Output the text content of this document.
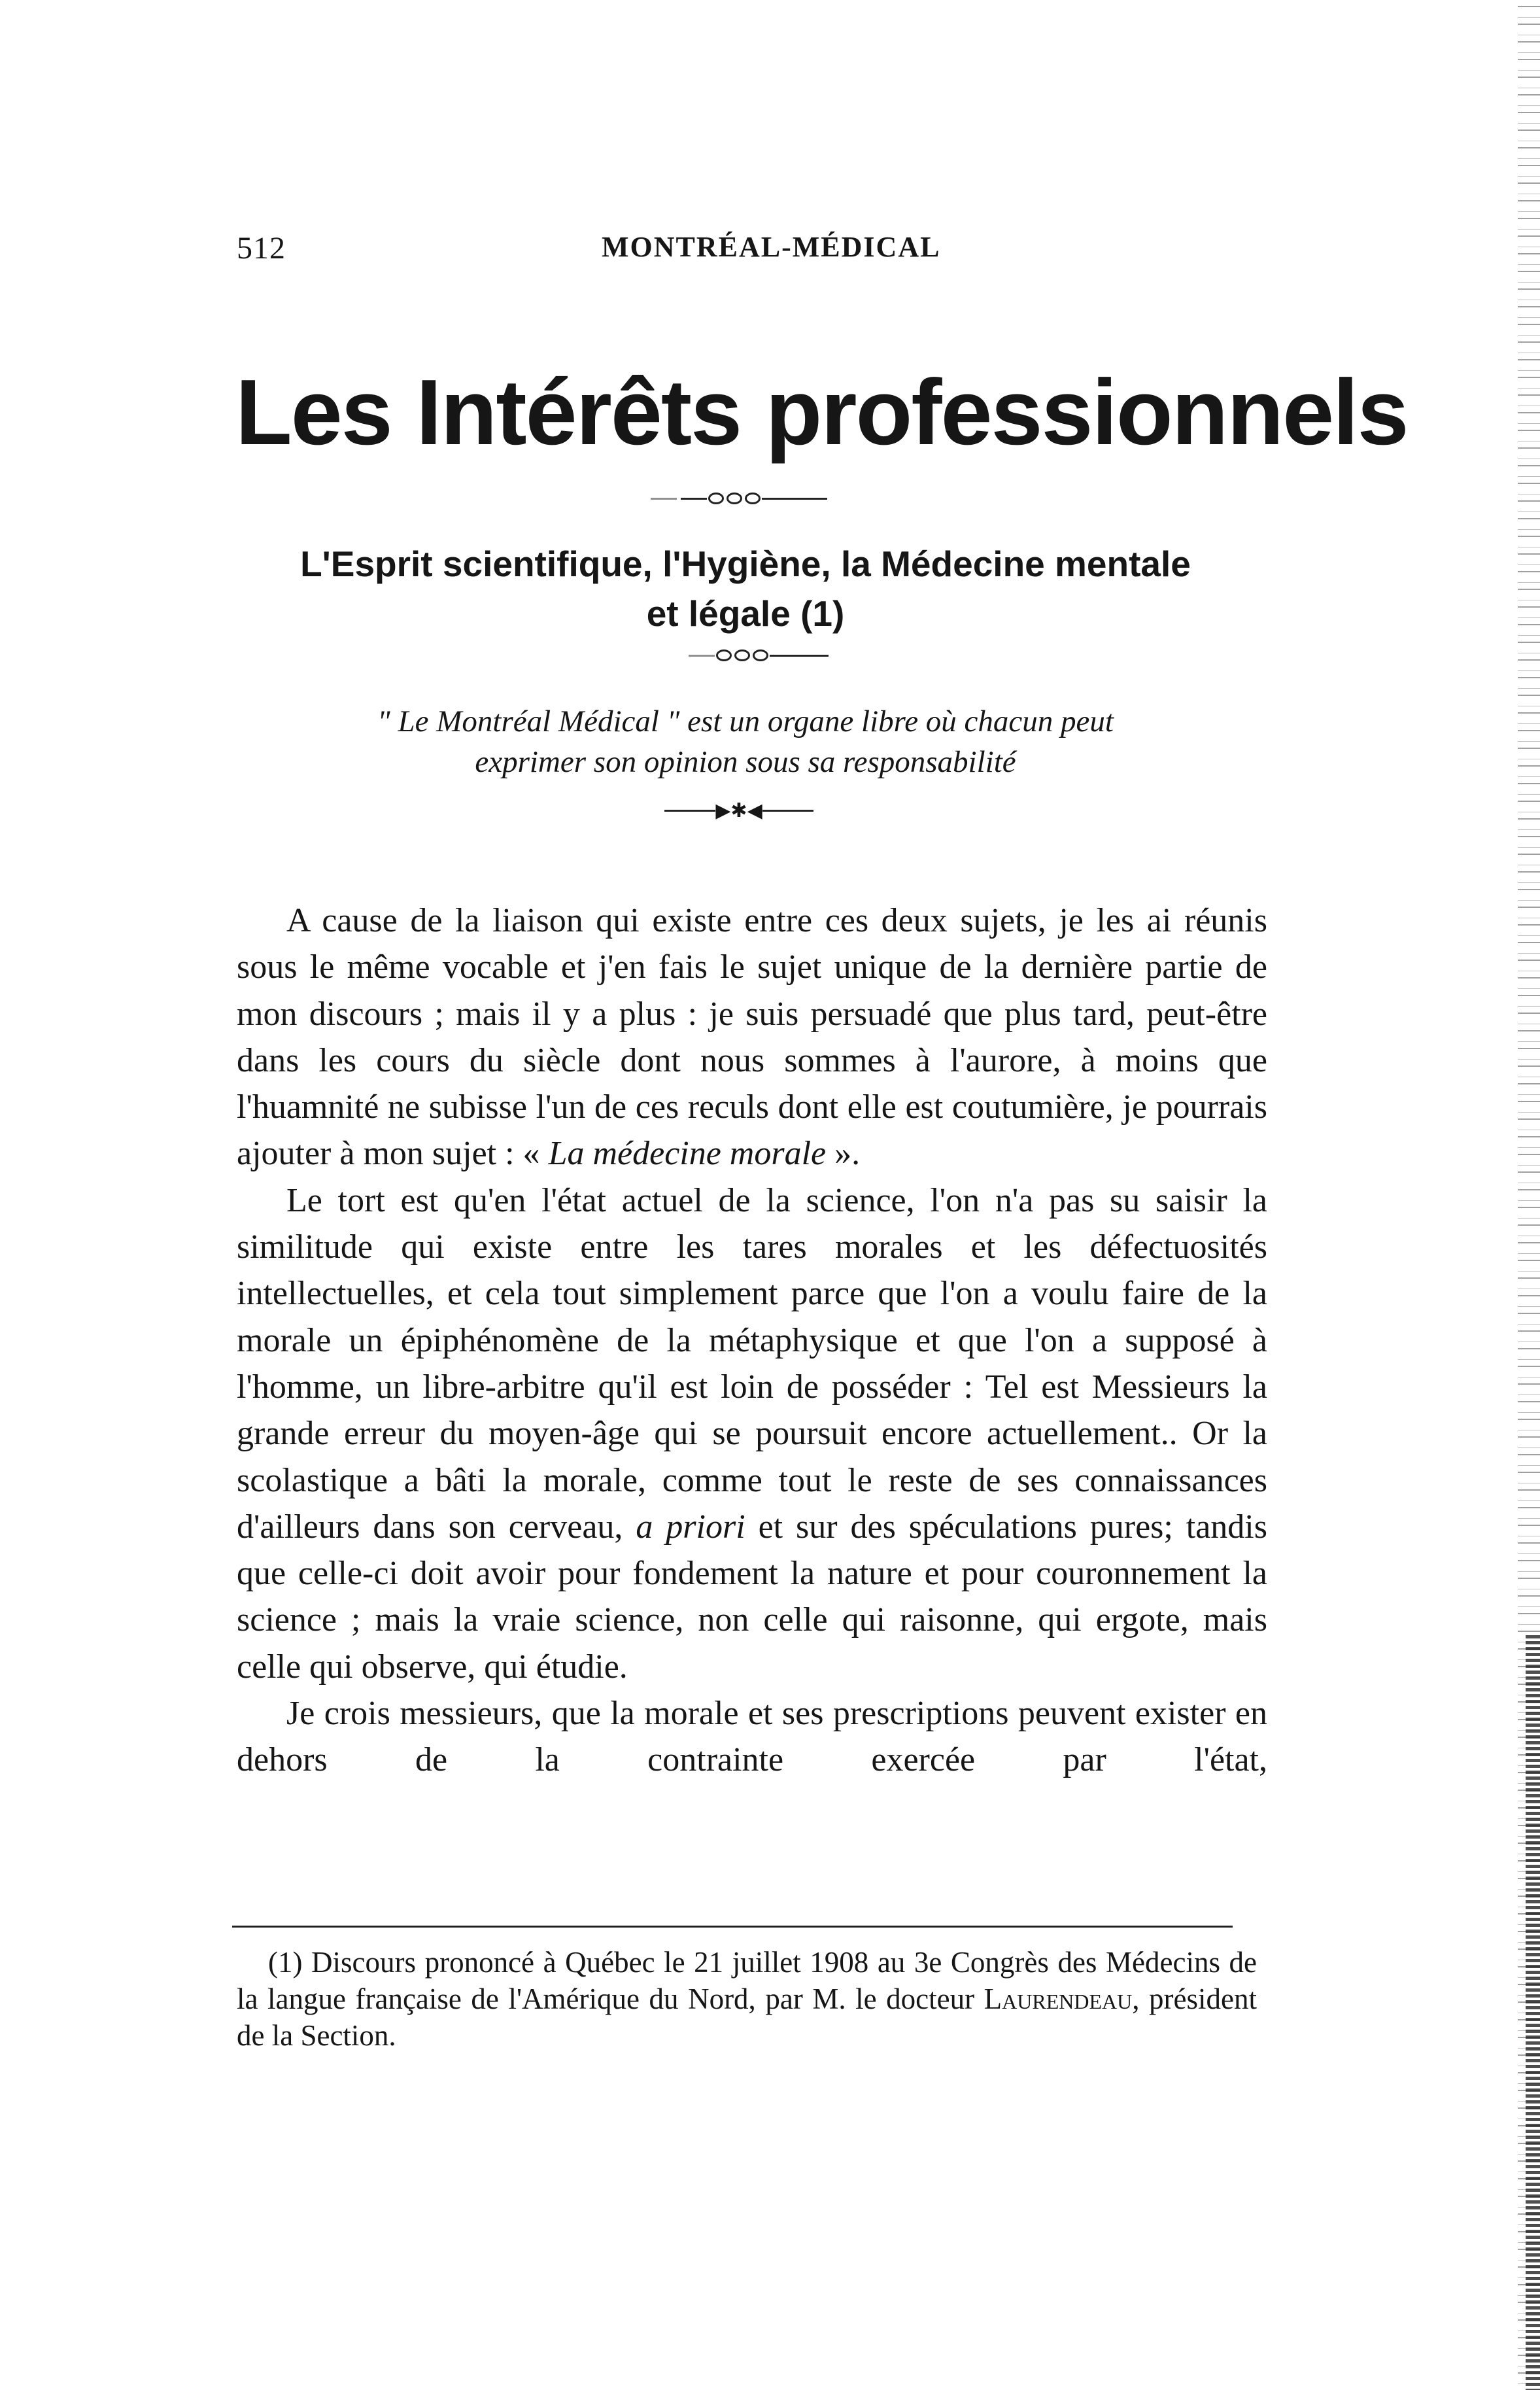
512	MONTRÉAL-MÉDICAL
Les Intérêts professionnels
L'Esprit scientifique, l'Hygiène, la Médecine mentale
et légale (1)
" Le Montréal Médical " est un organe libre où chacun peut
exprimer son opinion sous sa responsabilité
▶✱◀

A cause de la liaison qui existe entre ces deux sujets, je les ai réunis sous le même vocable et j'en fais le sujet unique de la dernière partie de mon discours ; mais il y a plus : je suis persuadé que plus tard, peut-être dans les cours du siècle dont nous sommes à l'aurore, à moins que l'huamnité ne subisse l'un de ces reculs dont elle est coutumière, je pourrais ajouter à mon sujet : « La médecine morale ».

Le tort est qu'en l'état actuel de la science, l'on n'a pas su saisir la similitude qui existe entre les tares morales et les défectuosités intellectuelles, et cela tout simplement parce que l'on a voulu faire de la morale un épiphénomène de la métaphysique et que l'on a supposé à l'homme, un libre-arbitre qu'il est loin de posséder : Tel est Messieurs la grande erreur du moyen-âge qui se poursuit encore actuellement.. Or la scolastique a bâti la morale, comme tout le reste de ses connaissances d'ailleurs dans son cerveau, a priori et sur des spéculations pures; tandis que celle-ci doit avoir pour fondement la nature et pour couronnement la science ; mais la vraie science, non celle qui raisonne, qui ergote, mais celle qui observe, qui étudie.

Je crois messieurs, que la morale et ses prescriptions peuvent exister en dehors de la contrainte exercée par l'état,

(1) Discours prononcé à Québec le 21 juillet 1908 au 3e Congrès des Médecins de la langue française de l'Amérique du Nord, par M. le docteur Laurendeau, président de la Section.
